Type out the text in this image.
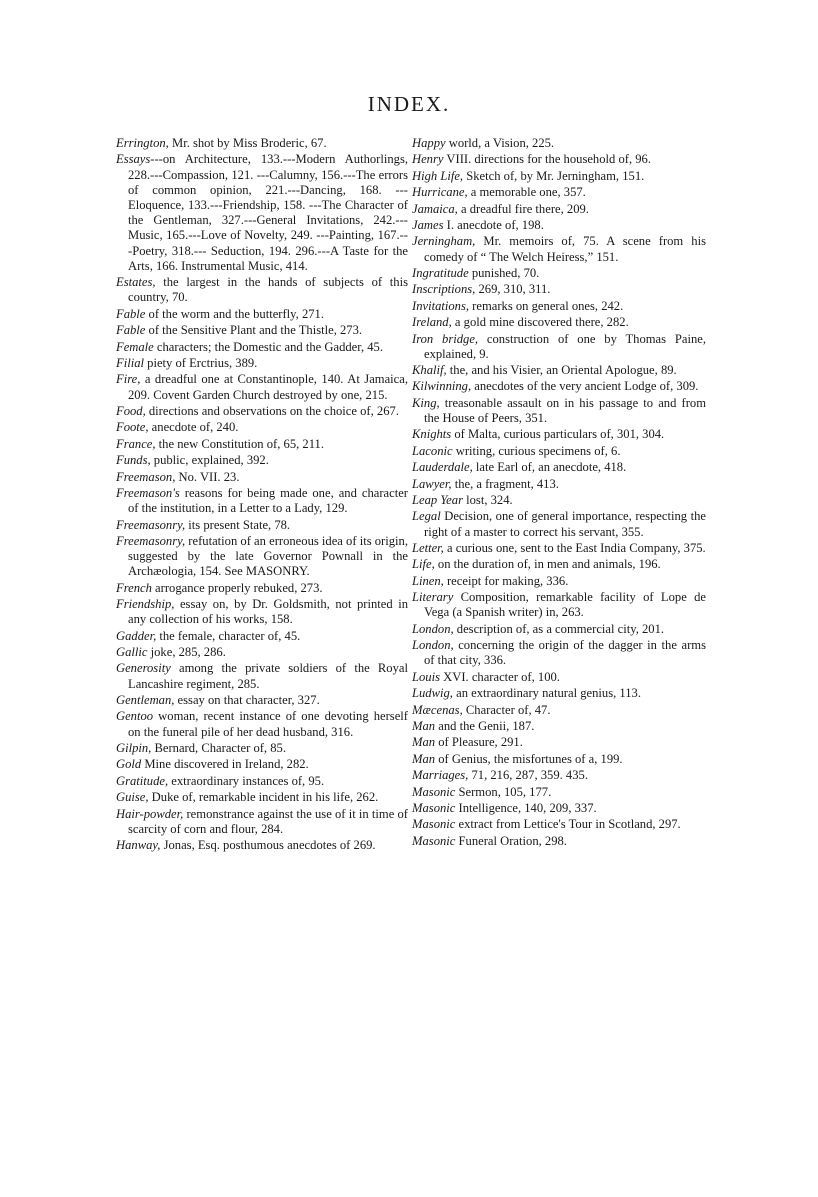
INDEX.

Errington, Mr. shot by Miss Broderic, 67.

Essays---on Architecture, 133.---Modern Authorlings, 228.---Compassion, 121. ---Calumny, 156.---The errors of common opinion, 221.---Dancing, 168. ---Eloquence, 133.---Friendship, 158. ---The Character of the Gentleman, 327.---General Invitations, 242.--- Music, 165.---Love of Novelty, 249. ---Painting, 167.---Poetry, 318.--- Seduction, 194. 296.---A Taste for the Arts, 166. Instrumental Music, 414.

Estates, the largest in the hands of subjects of this country, 70.

Fable of the worm and the butterfly, 271.

Fable of the Sensitive Plant and the Thistle, 273.

Female characters; the Domestic and the Gadder, 45.

Filial piety of Erctrius, 389.

Fire, a dreadful one at Constantinople, 140. At Jamaica, 209. Covent Garden Church destroyed by one, 215.

Food, directions and observations on the choice of, 267.

Foote, anecdote of, 240.

France, the new Constitution of, 65, 211.

Funds, public, explained, 392.

Freemason, No. VII. 23.

Freemason's reasons for being made one, and character of the institution, in a Letter to a Lady, 129.

Freemasonry, its present State, 78.

Freemasonry, refutation of an erroneous idea of its origin, suggested by the late Governor Pownall in the Archæologia, 154. See MASONRY.

French arrogance properly rebuked, 273.

Friendship, essay on, by Dr. Goldsmith, not printed in any collection of his works, 158.

Gadder, the female, character of, 45.

Gallic joke, 285, 286.

Generosity among the private soldiers of the Royal Lancashire regiment, 285.

Gentleman, essay on that character, 327.

Gentoo woman, recent instance of one devoting herself on the funeral pile of her dead husband, 316.

Gilpin, Bernard, Character of, 85.

Gold Mine discovered in Ireland, 282.

Gratitude, extraordinary instances of, 95.

Guise, Duke of, remarkable incident in his life, 262.

Hair-powder, remonstrance against the use of it in time of scarcity of corn and flour, 284.

Hanway, Jonas, Esq. posthumous anecdotes of 269.

Happy world, a Vision, 225.

Henry VIII. directions for the household of, 96.

High Life, Sketch of, by Mr. Jerningham, 151.

Hurricane, a memorable one, 357.

Jamaica, a dreadful fire there, 209.

James I. anecdote of, 198.

Jerningham, Mr. memoirs of, 75. A scene from his comedy of “ The Welch Heiress,” 151.

Ingratitude punished, 70.

Inscriptions, 269, 310, 311.

Invitations, remarks on general ones, 242.

Ireland, a gold mine discovered there, 282.

Iron bridge, construction of one by Thomas Paine, explained, 9.

Khalif, the, and his Visier, an Oriental Apologue, 89.

Kilwinning, anecdotes of the very ancient Lodge of, 309.

King, treasonable assault on in his passage to and from the House of Peers, 351.

Knights of Malta, curious particulars of, 301, 304.

Laconic writing, curious specimens of, 6.

Lauderdale, late Earl of, an anecdote, 418.

Lawyer, the, a fragment, 413.

Leap Year lost, 324.

Legal Decision, one of general importance, respecting the right of a master to correct his servant, 355.

Letter, a curious one, sent to the East India Company, 375.

Life, on the duration of, in men and animals, 196.

Linen, receipt for making, 336.

Literary Composition, remarkable facility of Lope de Vega (a Spanish writer) in, 263.

London, description of, as a commercial city, 201.

London, concerning the origin of the dagger in the arms of that city, 336.

Louis XVI. character of, 100.

Ludwig, an extraordinary natural genius, 113.

Mæcenas, Character of, 47.

Man and the Genii, 187.

Man of Pleasure, 291.

Man of Genius, the misfortunes of a, 199.

Marriages, 71, 216, 287, 359. 435.

Masonic Sermon, 105, 177.

Masonic Intelligence, 140, 209, 337.

Masonic extract from Lettice's Tour in Scotland, 297.

Masonic Funeral Oration, 298.
